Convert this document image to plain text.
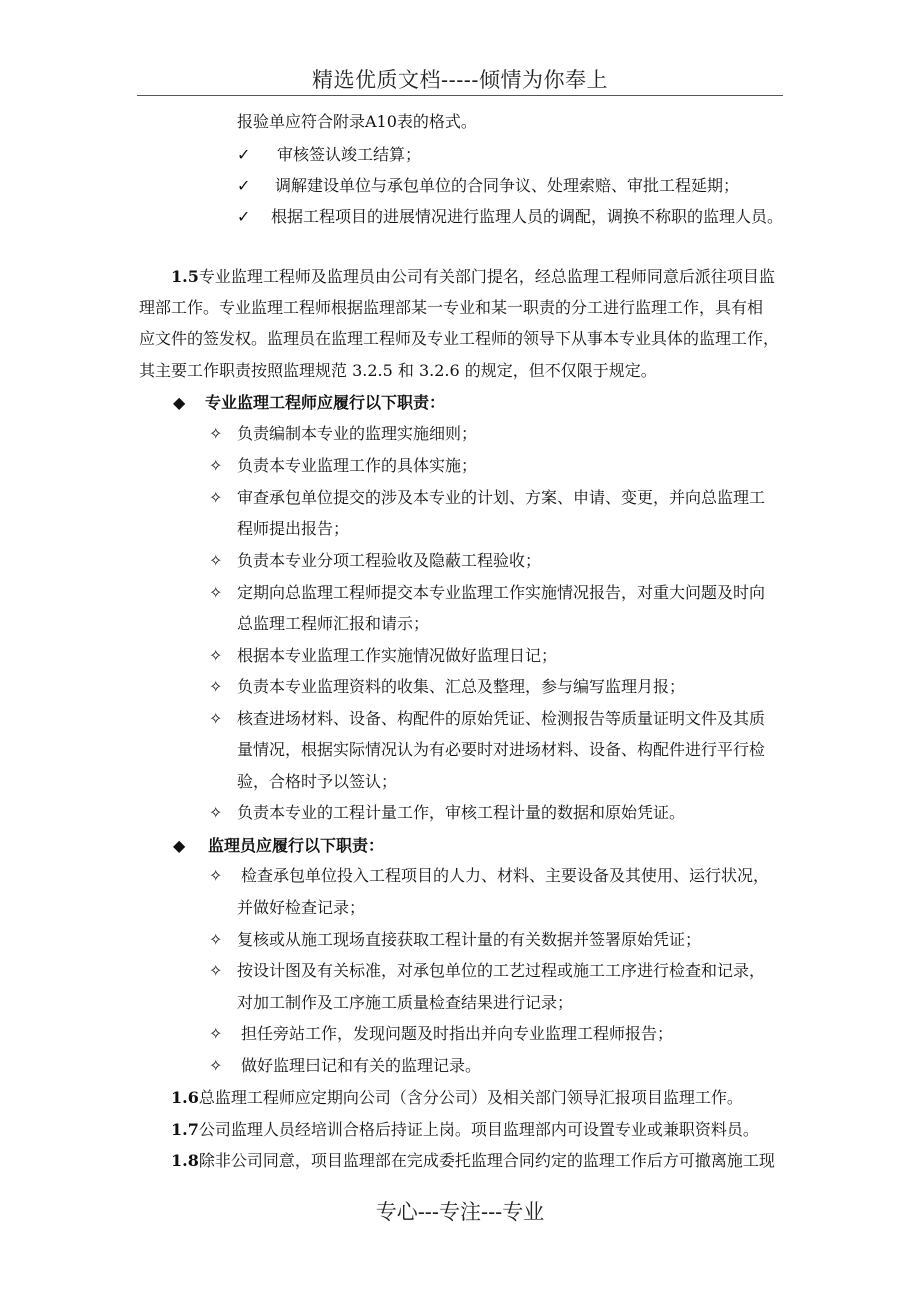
精选优质文档-----倾情为你奉上
报验单应符合附录A10表的格式。
✓ 审核签认竣工结算；
✓ 调解建设单位与承包单位的合同争议、处理索赔、审批工程延期；
✓ 根据工程项目的进展情况进行监理人员的调配，调换不称职的监理人员。
1.5专业监理工程师及监理员由公司有关部门提名，经总监理工程师同意后派往项目监
理部工作。专业监理工程师根据监理部某一专业和某一职责的分工进行监理工作，具有相
应文件的签发权。监理员在监理工程师及专业工程师的领导下从事本专业具体的监理工作，
其主要工作职责按照监理规范 3.2.5 和 3.2.6 的规定，但不仅限于规定。
◆ 专业监理工程师应履行以下职责：
✧ 负责编制本专业的监理实施细则；
✧ 负责本专业监理工作的具体实施；
✧ 审查承包单位提交的涉及本专业的计划、方案、申请、变更，并向总监理工
程师提出报告；
✧ 负责本专业分项工程验收及隐蔽工程验收；
✧ 定期向总监理工程师提交本专业监理工作实施情况报告，对重大问题及时向
总监理工程师汇报和请示；
✧ 根据本专业监理工作实施情况做好监理日记；
✧ 负责本专业监理资料的收集、汇总及整理，参与编写监理月报；
✧ 核查进场材料、设备、构配件的原始凭证、检测报告等质量证明文件及其质
量情况，根据实际情况认为有必要时对进场材料、设备、构配件进行平行检
验，合格时予以签认；
✧ 负责本专业的工程计量工作，审核工程计量的数据和原始凭证。
◆ 监理员应履行以下职责：
✧ 检查承包单位投入工程项目的人力、材料、主要设备及其使用、运行状况，
并做好检查记录；
✧ 复核或从施工现场直接获取工程计量的有关数据并签署原始凭证；
✧ 按设计图及有关标准，对承包单位的工艺过程或施工工序进行检查和记录，
对加工制作及工序施工质量检查结果进行记录；
✧ 担任旁站工作，发现问题及时指出并向专业监理工程师报告；
✧ 做好监理曰记和有关的监理记录。
1.6总监理工程师应定期向公司（含分公司）及相关部门领导汇报项目监理工作。
1.7公司监理人员经培训合格后持证上岗。项目监理部内可设置专业或兼职资料员。
1.8除非公司同意，项目监理部在完成委托监理合同约定的监理工作后方可撤离施工现
专心---专注---专业
